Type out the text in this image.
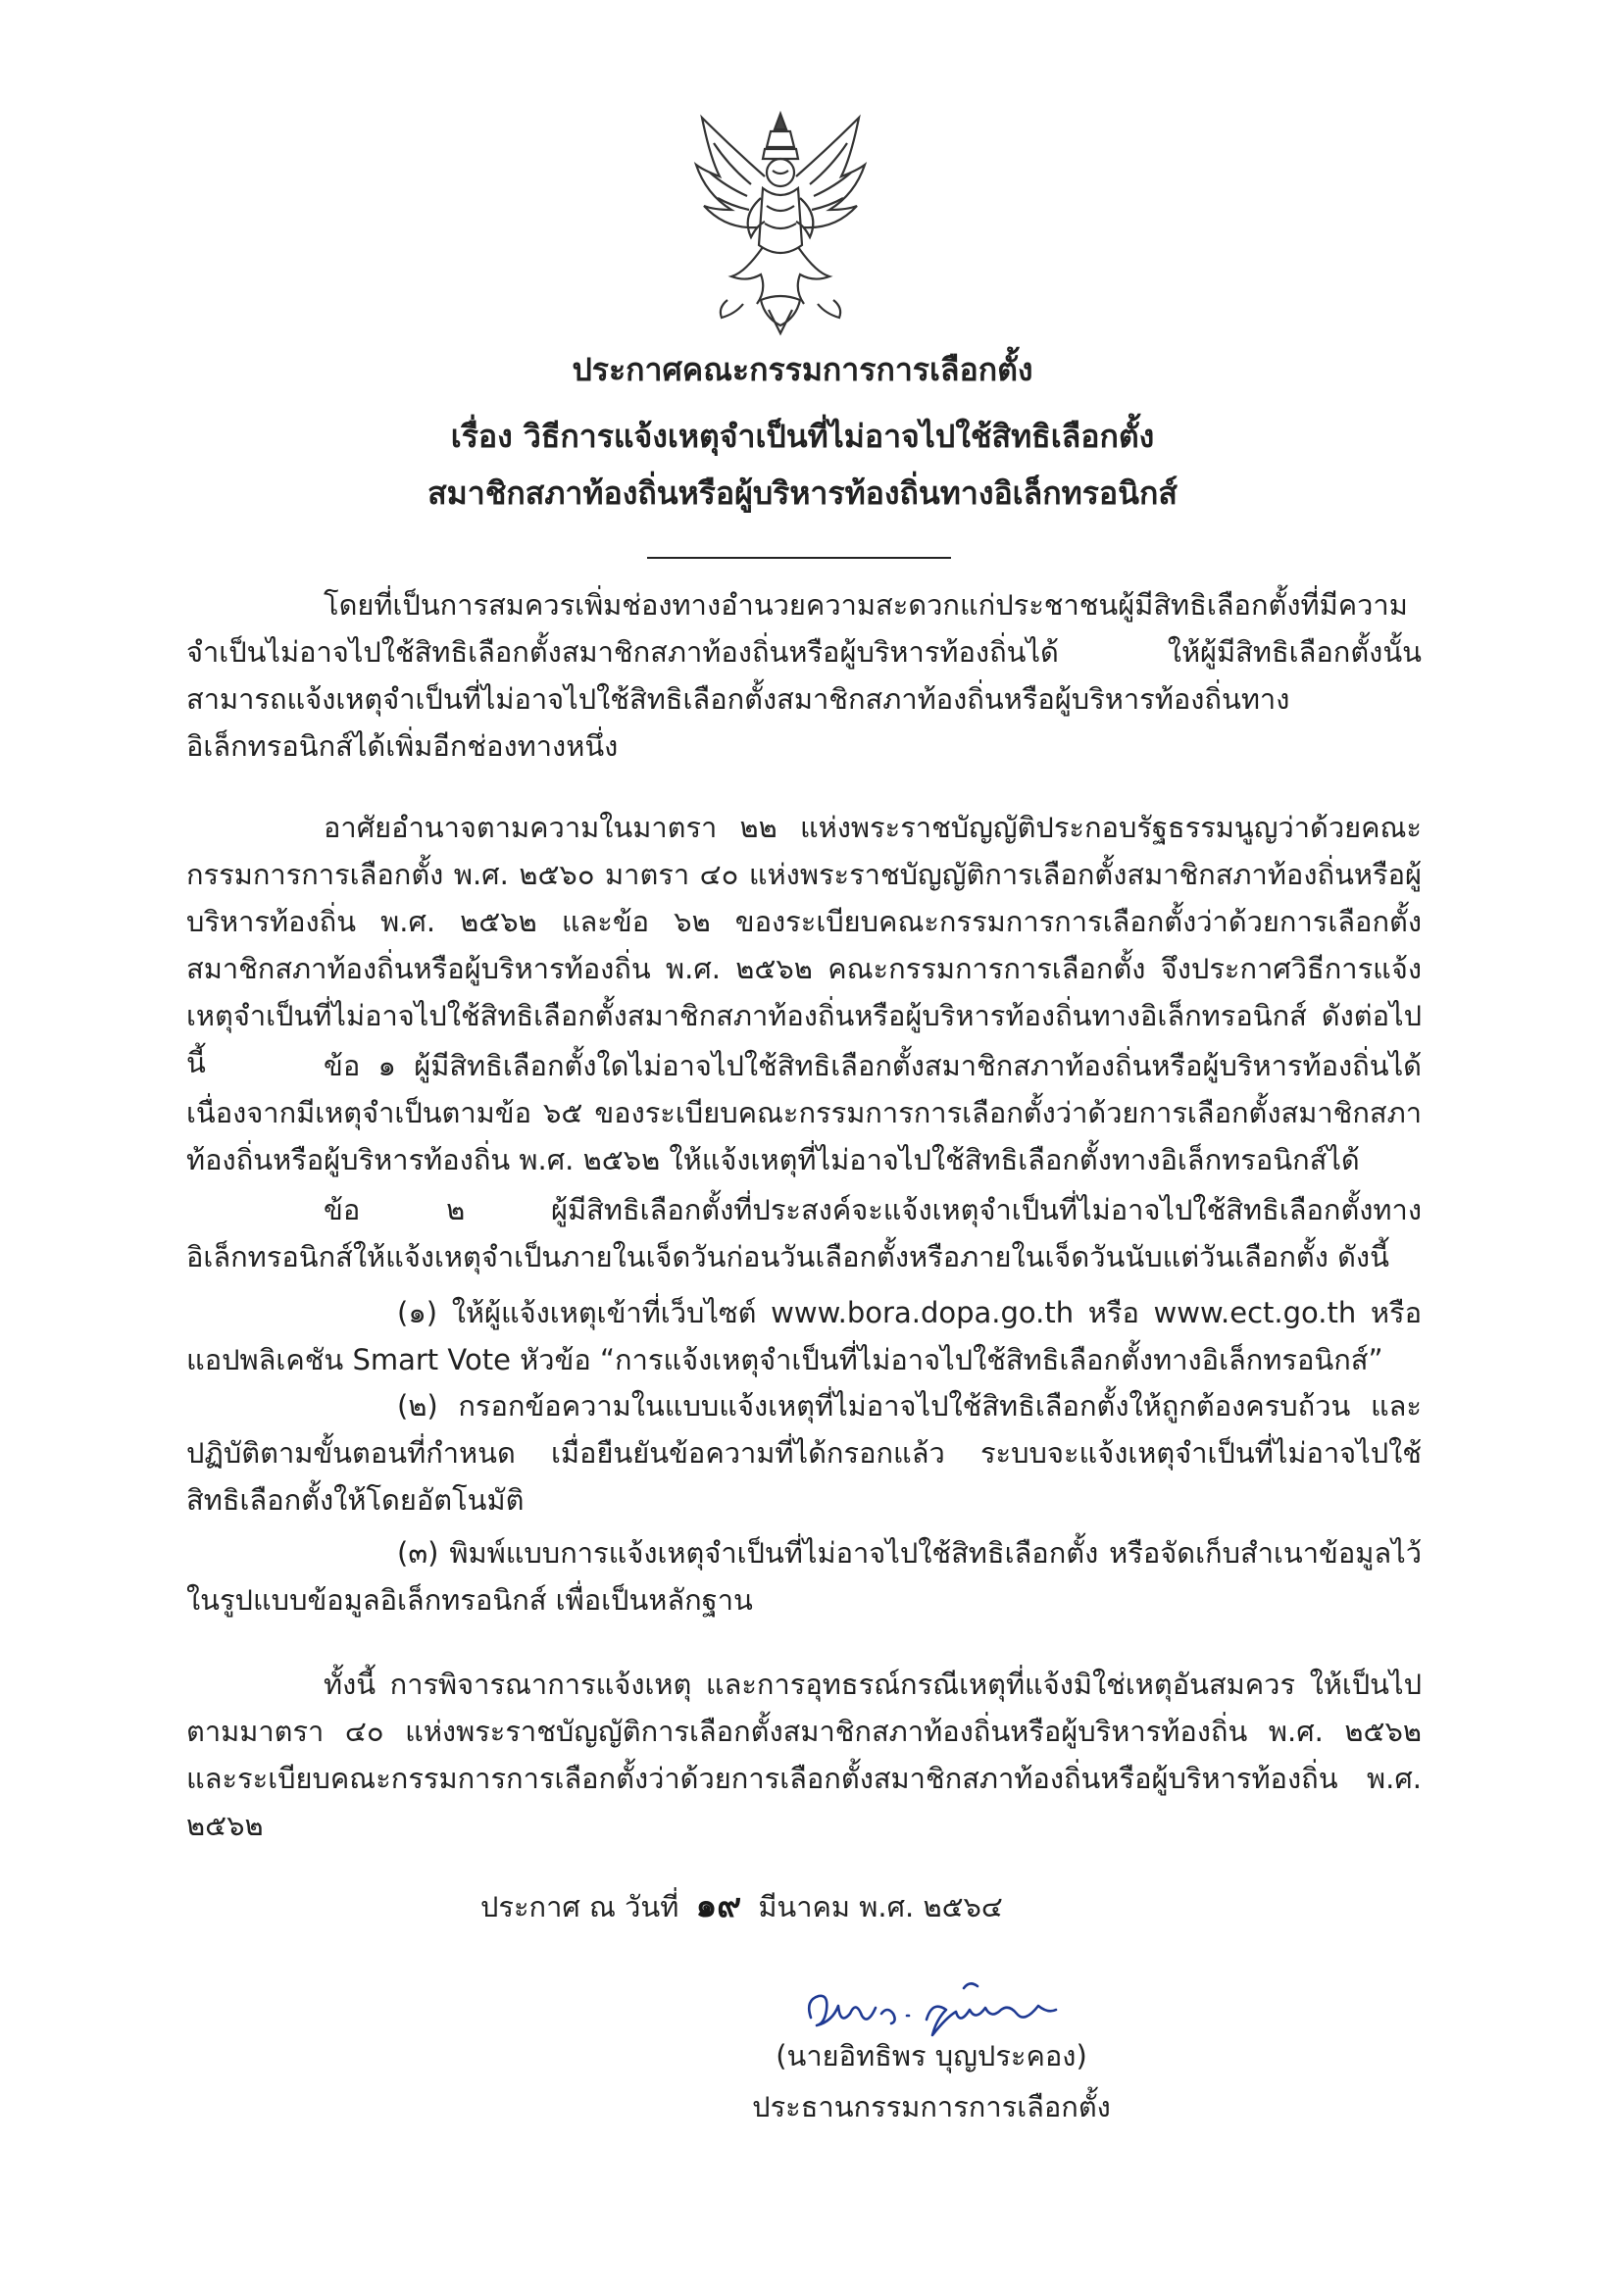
ประกาศคณะกรรมการการเลือกตั้ง
เรื่อง วิธีการแจ้งเหตุจำเป็นที่ไม่อาจไปใช้สิทธิเลือกตั้ง
สมาชิกสภาท้องถิ่นหรือผู้บริหารท้องถิ่นทางอิเล็กทรอนิกส์
โดยที่เป็นการสมควรเพิ่มช่องทางอำนวยความสะดวกแก่ประชาชนผู้มีสิทธิเลือกตั้งที่มีความจำเป็นไม่อาจไปใช้สิทธิเลือกตั้งสมาชิกสภาท้องถิ่นหรือผู้บริหารท้องถิ่นได้ ให้ผู้มีสิทธิเลือกตั้งนั้นสามารถแจ้งเหตุจำเป็นที่ไม่อาจไปใช้สิทธิเลือกตั้งสมาชิกสภาท้องถิ่นหรือผู้บริหารท้องถิ่นทางอิเล็กทรอนิกส์ได้เพิ่มอีกช่องทางหนึ่ง
อาศัยอำนาจตามความในมาตรา ๒๒ แห่งพระราชบัญญัติประกอบรัฐธรรมนูญว่าด้วยคณะกรรมการการเลือกตั้ง พ.ศ. ๒๕๖๐ มาตรา ๔๐ แห่งพระราชบัญญัติการเลือกตั้งสมาชิกสภาท้องถิ่นหรือผู้บริหารท้องถิ่น พ.ศ. ๒๕๖๒ และข้อ ๖๒ ของระเบียบคณะกรรมการการเลือกตั้งว่าด้วยการเลือกตั้งสมาชิกสภาท้องถิ่นหรือผู้บริหารท้องถิ่น พ.ศ. ๒๕๖๒ คณะกรรมการการเลือกตั้ง จึงประกาศวิธีการแจ้งเหตุจำเป็นที่ไม่อาจไปใช้สิทธิเลือกตั้งสมาชิกสภาท้องถิ่นหรือผู้บริหารท้องถิ่นทางอิเล็กทรอนิกส์ ดังต่อไปนี้	ข้อ ๑ ผู้มีสิทธิเลือกตั้งใดไม่อาจไปใช้สิทธิเลือกตั้งสมาชิกสภาท้องถิ่นหรือผู้บริหารท้องถิ่นได้เนื่องจากมีเหตุจำเป็นตามข้อ ๖๕ ของระเบียบคณะกรรมการการเลือกตั้งว่าด้วยการเลือกตั้งสมาชิกสภาท้องถิ่นหรือผู้บริหารท้องถิ่น พ.ศ. ๒๕๖๒ ให้แจ้งเหตุที่ไม่อาจไปใช้สิทธิเลือกตั้งทางอิเล็กทรอนิกส์ได้
ข้อ ๒ ผู้มีสิทธิเลือกตั้งที่ประสงค์จะแจ้งเหตุจำเป็นที่ไม่อาจไปใช้สิทธิเลือกตั้งทางอิเล็กทรอนิกส์ให้แจ้งเหตุจำเป็นภายในเจ็ดวันก่อนวันเลือกตั้งหรือภายในเจ็ดวันนับแต่วันเลือกตั้ง ดังนี้
(๑) ให้ผู้แจ้งเหตุเข้าที่เว็บไซต์ www.bora.dopa.go.th หรือ www.ect.go.th หรือแอปพลิเคชัน Smart Vote หัวข้อ “การแจ้งเหตุจำเป็นที่ไม่อาจไปใช้สิทธิเลือกตั้งทางอิเล็กทรอนิกส์”
(๒) กรอกข้อความในแบบแจ้งเหตุที่ไม่อาจไปใช้สิทธิเลือกตั้งให้ถูกต้องครบถ้วน และปฏิบัติตามขั้นตอนที่กำหนด เมื่อยืนยันข้อความที่ได้กรอกแล้ว ระบบจะแจ้งเหตุจำเป็นที่ไม่อาจไปใช้สิทธิเลือกตั้งให้โดยอัตโนมัติ
(๓) พิมพ์แบบการแจ้งเหตุจำเป็นที่ไม่อาจไปใช้สิทธิเลือกตั้ง หรือจัดเก็บสำเนาข้อมูลไว้ในรูปแบบข้อมูลอิเล็กทรอนิกส์ เพื่อเป็นหลักฐาน
ทั้งนี้ การพิจารณาการแจ้งเหตุ และการอุทธรณ์กรณีเหตุที่แจ้งมิใช่เหตุอันสมควร ให้เป็นไปตามมาตรา ๔๐ แห่งพระราชบัญญัติการเลือกตั้งสมาชิกสภาท้องถิ่นหรือผู้บริหารท้องถิ่น พ.ศ. ๒๕๖๒ และระเบียบคณะกรรมการการเลือกตั้งว่าด้วยการเลือกตั้งสมาชิกสภาท้องถิ่นหรือผู้บริหารท้องถิ่น พ.ศ. ๒๕๖๒
ประกาศ ณ วันที่ ๑๙ มีนาคม พ.ศ. ๒๕๖๔
(นายอิทธิพร บุญประคอง)
ประธานกรรมการการเลือกตั้ง
